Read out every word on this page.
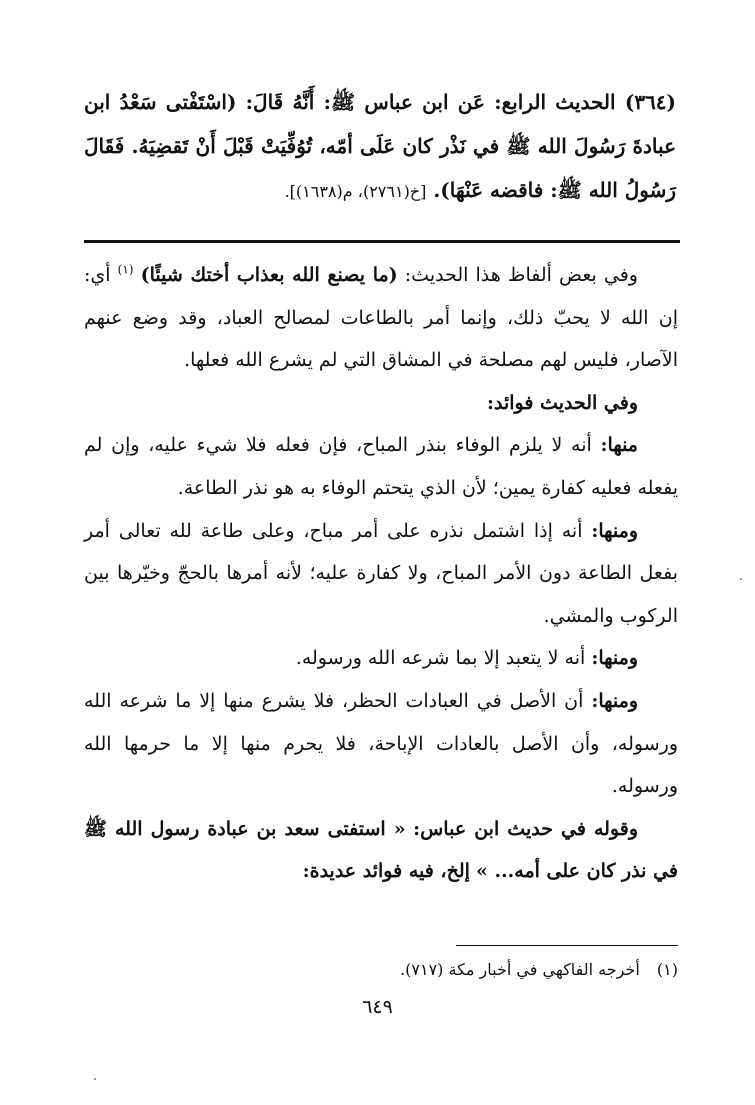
(٣٦٤) الحديث الرابع: عَن ابن عباس ﷺ: أَنَّهُ قَالَ: (اسْتَفْتى سَعْدُ ابن عبادةَ رَسُولَ الله ﷺ في نَذْر كان عَلَى أمّه، تُوُفِّيَتْ قَبْلَ أَنْ تَقضِيَهُ. فَقَالَ رَسُولُ الله ﷺ: فاقضه عَنْهَا). [خ(٢٧٦١)، م(١٦٣٨)].

وفي بعض ألفاظ هذا الحديث: (ما يصنع الله بعذاب أختك شيئًا) $^{(١)}$ أي: إن الله لا يحبّ ذلك، وإنما أمر بالطاعات لمصالح العباد، وقد وضع عنهم الآصار، فليس لهم مصلحة في المشاق التي لم يشرع الله فعلها.

وفي الحديث فوائد:

منها: أنه لا يلزم الوفاء بنذر المباح، فإن فعله فلا شيء عليه، وإن لم يفعله فعليه كفارة يمين؛ لأن الذي يتحتم الوفاء به هو نذر الطاعة.

ومنها: أنه إذا اشتمل نذره على أمر مباح، وعلى طاعة لله تعالى أمر بفعل الطاعة دون الأمر المباح، ولا كفارة عليه؛ لأنه أمرها بالحجّ وخيّرها بين الركوب والمشي.

ومنها: أنه لا يتعبد إلا بما شرعه الله ورسوله.

ومنها: أن الأصل في العبادات الحظر، فلا يشرع منها إلا ما شرعه الله ورسوله، وأن الأصل بالعادات الإباحة، فلا يحرم منها إلا ما حرمها الله ورسوله.

وقوله في حديث ابن عباس: « استفتى سعد بن عبادة رسول الله ﷺ في نذر كان على أمه... » إلخ، فيه فوائد عديدة:

(١) أخرجه الفاكهي في أخبار مكة (٧١٧).
٦٤٩
